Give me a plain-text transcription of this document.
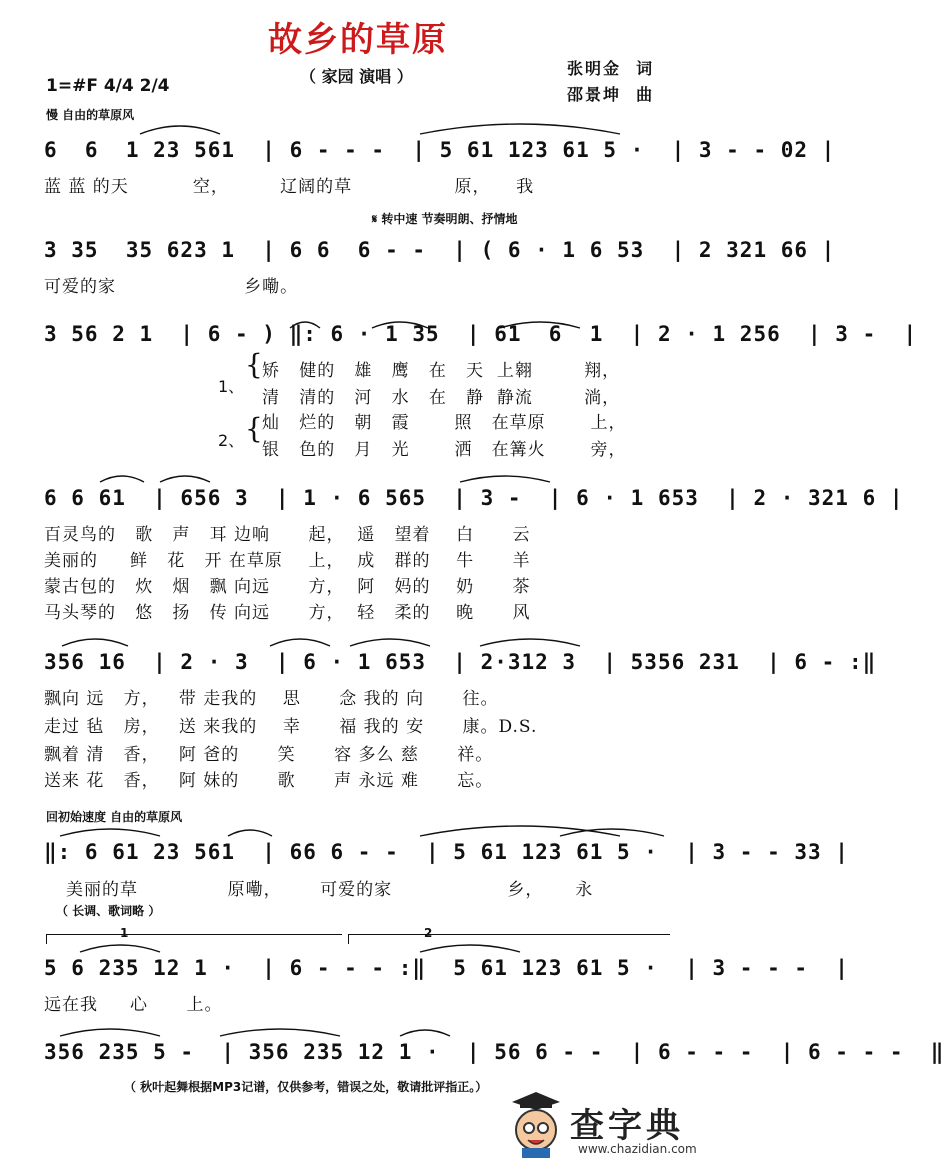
故乡的草原
（ 家园 演唱 ）	张明金  词
邵景坤  曲
1=#F 4/4 2/4
慢 自由的草原风
6  6  1 23 561  | 6 - - -  | 5 61 123 61 5 ·  | 3 - - 02 |
蓝 蓝 的天          空，        辽阔的草                原，    我
𝄋 转中速 节奏明朗、抒情地
3 35  35 623 1  | 6 6  6 - -  | ( 6 · 1 6 53  | 2 321 66 |
可爱的家                    乡嘞。
3 56 2 1  | 6 - ) ‖: 6 · 1 35  | 61  6  1  | 2 · 1 256  | 3 -  |
1、
2、
{
{
矫   健的   雄   鹰   在   天  上翱        翔，
清   清的   河   水   在   静  静流        淌，
灿   烂的   朝   霞       照   在草原       上，
银   色的   月   光       洒   在篝火       旁，
6 6 61  | 656 3  | 1 · 6 565  | 3 -  | 6 · 1 653  | 2 · 321 6 |
百灵鸟的   歌   声   耳 边响      起，  遥   望着    白      云
美丽的     鲜   花   开 在草原    上，  成   群的    牛      羊
蒙古包的   炊   烟   飘 向远      方，  阿   妈的    奶      茶
马头琴的   悠   扬   传 向远      方，  轻   柔的    晚      风
356 16  | 2 · 3  | 6 · 1 653  | 2·312 3  | 5356 231  | 6 - :‖
飘向 远   方，   带 走我的    思      念 我的 向      往。
走过 毡   房，   送 来我的    幸      福 我的 安      康。D.S.
飘着 清   香，   阿 爸的      笑      容 多么 慈      祥。
送来 花   香，   阿 妹的      歌      声 永远 难      忘。
回初始速度 自由的草原风
‖: 6 61 23 561  | 66 6 - -  | 5 61 123 61 5 ·  | 3 - - 33 |
美丽的草              原嘞，      可爱的家                  乡，     永
（ 长调、歌词略 ）
1	2
5 6 235 12 1 ·  | 6 - - - :‖  5 61 123 61 5 ·  | 3 - - -  |
远在我     心      上。
356 235 5 -  | 356 235 12 1 ·  | 56 6 - -  | 6 - - -  | 6 - - -  ‖
（ 秋叶起舞根据MP3记谱，仅供参考，错误之处，敬请批评指正。）
查字典
www.chazidian.com
